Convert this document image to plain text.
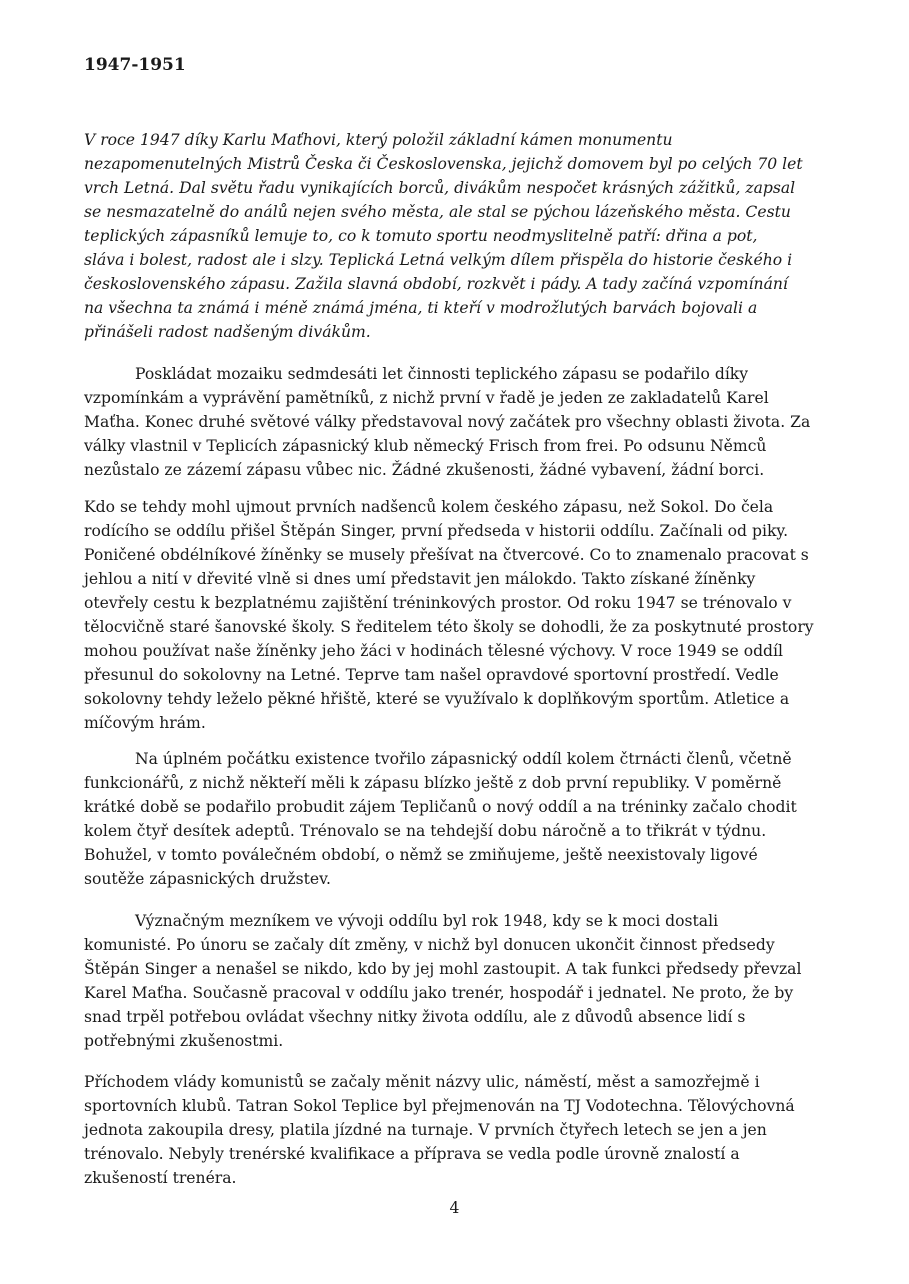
1947-1951

V roce 1947 díky Karlu Maťhovi, který položil základní kámen monumentu
nezapomenutelných Mistrů Česka či Československa, jejichž domovem byl po celých 70 let
vrch Letná. Dal světu řadu vynikajících borců, divákům nespočet krásných zážitků, zapsal
se nesmazatelně do análů nejen svého města, ale stal se pýchou lázeňského města. Cestu
teplických zápasníků lemuje to, co k tomuto sportu neodmyslitelně patří: dřina a pot,
sláva i bolest, radost ale i slzy. Teplická Letná velkým dílem přispěla do historie českého i
československého zápasu. Zažila slavná období, rozkvět i pády. A tady začíná vzpomínání
na všechna ta známá i méně známá jména, ti kteří v modrožlutých barvách bojovali a
přinášeli radost nadšeným divákům.

Poskládat mozaiku sedmdesáti let činnosti teplického zápasu se podařilo díky
vzpomínkám a vyprávění pamětníků, z nichž první v řadě je jeden ze zakladatelů Karel
Maťha. Konec druhé světové války představoval nový začátek pro všechny oblasti života. Za
války vlastnil v Teplicích zápasnický klub německý Frisch from frei. Po odsunu Němců
nezůstalo ze zázemí zápasu vůbec nic. Žádné zkušenosti, žádné vybavení, žádní borci.

Kdo se tehdy mohl ujmout prvních nadšenců kolem českého zápasu, než Sokol. Do čela
rodícího se oddílu přišel Štěpán Singer, první předseda v historii oddílu. Začínali od piky.
Poničené obdélníkové žíněnky se musely přešívat na čtvercové. Co to znamenalo pracovat s
jehlou a nití v dřevité vlně si dnes umí představit jen málokdo. Takto získané žíněnky
otevřely cestu k bezplatnému zajištění tréninkových prostor. Od roku 1947 se trénovalo v
tělocvičně staré šanovské školy. S ředitelem této školy se dohodli, že za poskytnuté prostory
mohou používat naše žíněnky jeho žáci v hodinách tělesné výchovy. V roce 1949 se oddíl
přesunul do sokolovny na Letné. Teprve tam našel opravdové sportovní prostředí. Vedle
sokolovny tehdy leželo pěkné hřiště, které se využívalo k doplňkovým sportům. Atletice a
míčovým hrám.

Na úplném počátku existence tvořilo zápasnický oddíl kolem čtrnácti členů, včetně
funkcionářů, z nichž někteří měli k zápasu blízko ještě z dob první republiky. V poměrně
krátké době se podařilo probudit zájem Tepličanů o nový oddíl a na tréninky začalo chodit
kolem čtyř desítek adeptů. Trénovalo se na tehdejší dobu náročně a to třikrát v týdnu.
Bohužel, v tomto poválečném období, o němž se zmiňujeme, ještě neexistovaly ligové
soutěže zápasnických družstev.

Význačným mezníkem ve vývoji oddílu byl rok 1948, kdy se k moci dostali
komunisté. Po únoru se začaly dít změny, v nichž byl donucen ukončit činnost předsedy
Štěpán Singer a nenašel se nikdo, kdo by jej mohl zastoupit. A tak funkci předsedy převzal
Karel Maťha. Současně pracoval v oddílu jako trenér, hospodář i jednatel. Ne proto, že by
snad trpěl potřebou ovládat všechny nitky života oddílu, ale z důvodů absence lidí s
potřebnými zkušenostmi.

Příchodem vlády komunistů se začaly měnit názvy ulic, náměstí, měst a samozřejmě i
sportovních klubů. Tatran Sokol Teplice byl přejmenován na TJ Vodotechna. Tělovýchovná
jednota zakoupila dresy, platila jízdné na turnaje. V prvních čtyřech letech se jen a jen
trénovalo. Nebyly trenérské kvalifikace a příprava se vedla podle úrovně znalostí a
zkušeností trenéra.

4
